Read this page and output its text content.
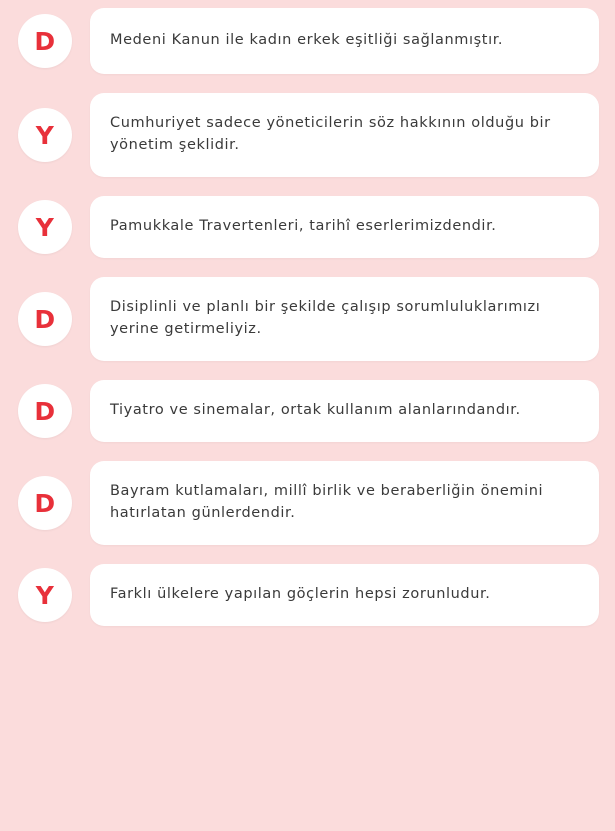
D	Medeni Kanun ile kadın erkek eşitliği sağlanmıştır.
Y	Cumhuriyet sadece yöneticilerin söz hakkının olduğu bir yönetim şeklidir.
Y	Pamukkale Travertenleri, tarihî eserlerimizdendir.
D	Disiplinli ve planlı bir şekilde çalışıp sorumluluklarımızı yerine getirmeliyiz.
D	Tiyatro ve sinemalar, ortak kullanım alanlarındandır.
D	Bayram kutlamaları, millî birlik ve beraberliğin önemini hatırlatan günlerdendir.
Y	Farklı ülkelere yapılan göçlerin hepsi zorunludur.
